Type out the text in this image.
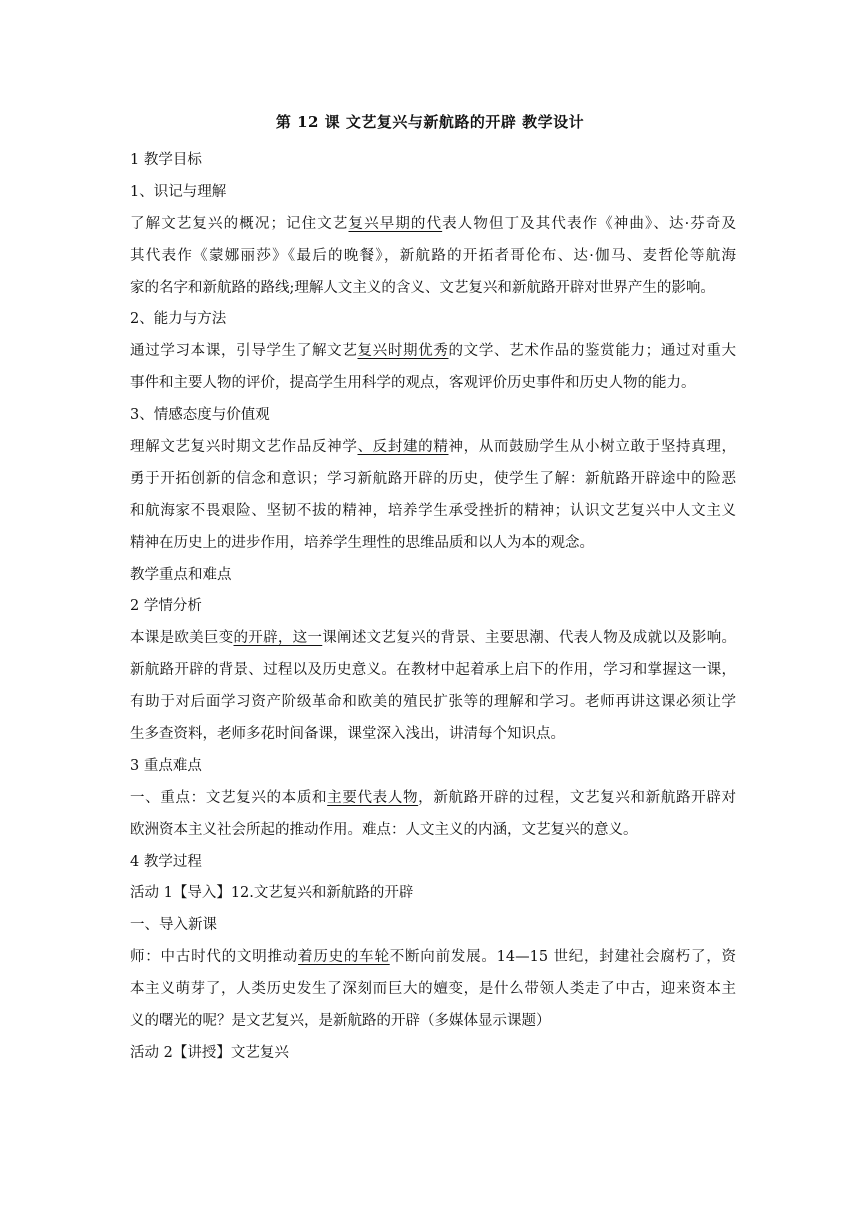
第 12 课 文艺复兴与新航路的开辟 教学设计
1 教学目标
1、识记与理解
了解文艺复兴的概况；记住文艺复兴早期的代表人物但丁及其代表作《神曲》、达·芬奇及
其代表作《蒙娜丽莎》《最后的晚餐》，新航路的开拓者哥伦布、达·伽马、麦哲伦等航海
家的名字和新航路的路线;理解人文主义的含义、文艺复兴和新航路开辟对世界产生的影响。
2、能力与方法
通过学习本课，引导学生了解文艺复兴时期优秀的文学、艺术作品的鉴赏能力；通过对重大
事件和主要人物的评价，提高学生用科学的观点，客观评价历史事件和历史人物的能力。
3、情感态度与价值观
理解文艺复兴时期文艺作品反神学、反封建的精神，从而鼓励学生从小树立敢于坚持真理，
勇于开拓创新的信念和意识；学习新航路开辟的历史，使学生了解：新航路开辟途中的险恶
和航海家不畏艰险、坚韧不拔的精神，培养学生承受挫折的精神；认识文艺复兴中人文主义
精神在历史上的进步作用，培养学生理性的思维品质和以人为本的观念。
教学重点和难点
2 学情分析
本课是欧美巨变的开辟，这一课阐述文艺复兴的背景、主要思潮、代表人物及成就以及影响。
新航路开辟的背景、过程以及历史意义。在教材中起着承上启下的作用，学习和掌握这一课，
有助于对后面学习资产阶级革命和欧美的殖民扩张等的理解和学习。老师再讲这课必须让学
生多查资料，老师多花时间备课，课堂深入浅出，讲清每个知识点。
3 重点难点
一、重点：文艺复兴的本质和主要代表人物，新航路开辟的过程，文艺复兴和新航路开辟对
欧洲资本主义社会所起的推动作用。难点：人文主义的内涵，文艺复兴的意义。
4 教学过程
活动 1【导入】12.文艺复兴和新航路的开辟
一、导入新课
师：中古时代的文明推动着历史的车轮不断向前发展。14—15 世纪，封建社会腐朽了，资
本主义萌芽了，人类历史发生了深刻而巨大的嬗变，是什么带领人类走了中古，迎来资本主
义的曙光的呢？是文艺复兴，是新航路的开辟（多媒体显示课题）
活动 2【讲授】文艺复兴
